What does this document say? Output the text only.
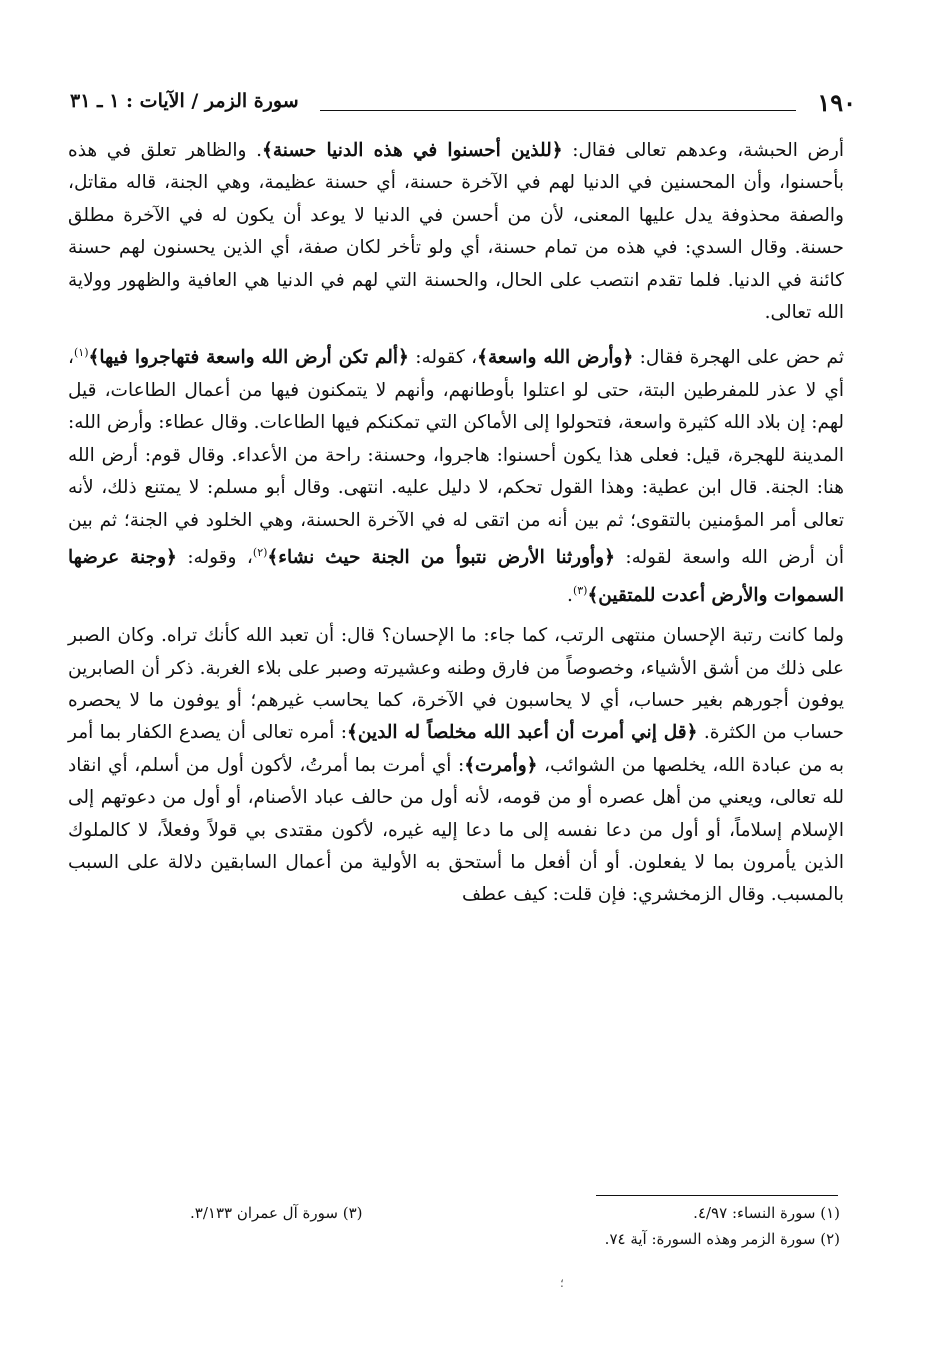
١٩٠
سورة الزمر / الآيات : ١ ـ ٣١

أرض الحبشة، وعدهم تعالى فقال: ﴿للذين أحسنوا في هذه الدنيا حسنة﴾. والظاهر تعلق في هذه بأحسنوا، وأن المحسنين في الدنيا لهم في الآخرة حسنة، أي حسنة عظيمة، وهي الجنة، قاله مقاتل، والصفة محذوفة يدل عليها المعنى، لأن من أحسن في الدنيا لا يوعد أن يكون له في الآخرة مطلق حسنة. وقال السدي: في هذه من تمام حسنة، أي ولو تأخر لكان صفة، أي الذين يحسنون لهم حسنة كائنة في الدنيا. فلما تقدم انتصب على الحال، والحسنة التي لهم في الدنيا هي العافية والظهور وولاية الله تعالى.

ثم حض على الهجرة فقال: ﴿وأرض الله واسعة﴾، كقوله: ﴿ألم تكن أرض الله واسعة فتهاجروا فيها﴾$^{(١)}$، أي لا عذر للمفرطين البتة، حتى لو اعتلوا بأوطانهم، وأنهم لا يتمكنون فيها من أعمال الطاعات، قيل لهم: إن بلاد الله كثيرة واسعة، فتحولوا إلى الأماكن التي تمكنكم فيها الطاعات. وقال عطاء: وأرض الله: المدينة للهجرة، قيل: فعلى هذا يكون أحسنوا: هاجروا، وحسنة: راحة من الأعداء. وقال قوم: أرض الله هنا: الجنة. قال ابن عطية: وهذا القول تحكم، لا دليل عليه. انتهى. وقال أبو مسلم: لا يمتنع ذلك، لأنه تعالى أمر المؤمنين بالتقوى؛ ثم بين أنه من اتقى له في الآخرة الحسنة، وهي الخلود في الجنة؛ ثم بين أن أرض الله واسعة لقوله: ﴿وأورثنا الأرض نتبوأ من الجنة حيث نشاء﴾$^{(٢)}$، وقوله: ﴿وجنة عرضها السموات والأرض أعدت للمتقين﴾$^{(٣)}$.

ولما كانت رتبة الإحسان منتهى الرتب، كما جاء: ما الإحسان؟ قال: أن تعبد الله كأنك تراه. وكان الصبر على ذلك من أشق الأشياء، وخصوصاً من فارق وطنه وعشيرته وصبر على بلاء الغربة. ذكر أن الصابرين يوفون أجورهم بغير حساب، أي لا يحاسبون في الآخرة، كما يحاسب غيرهم؛ أو يوفون ما لا يحصره حساب من الكثرة. ﴿قل إني أمرت أن أعبد الله مخلصاً له الدين﴾: أمره تعالى أن يصدع الكفار بما أمر به من عبادة الله، يخلصها من الشوائب، ﴿وأمرت﴾: أي أمرت بما أمرتُ، لأكون أول من أسلم، أي انقاد لله تعالى، ويعني من أهل عصره أو من قومه، لأنه أول من حالف عباد الأصنام، أو أول من دعوتهم إلى الإسلام إسلاماً، أو أول من دعا نفسه إلى ما دعا إليه غيره، لأكون مقتدى بي قولاً وفعلاً، لا كالملوك الذين يأمرون بما لا يفعلون. أو أن أفعل ما أستحق به الأولية من أعمال السابقين دلالة على السبب بالمسبب. وقال الزمخشري: فإن قلت: كيف عطف

(١) سورة النساء: ٤/٩٧.
(٣) سورة آل عمران ٣/١٣٣.
(٢) سورة الزمر وهذه السورة: آية ٧٤.
؛
